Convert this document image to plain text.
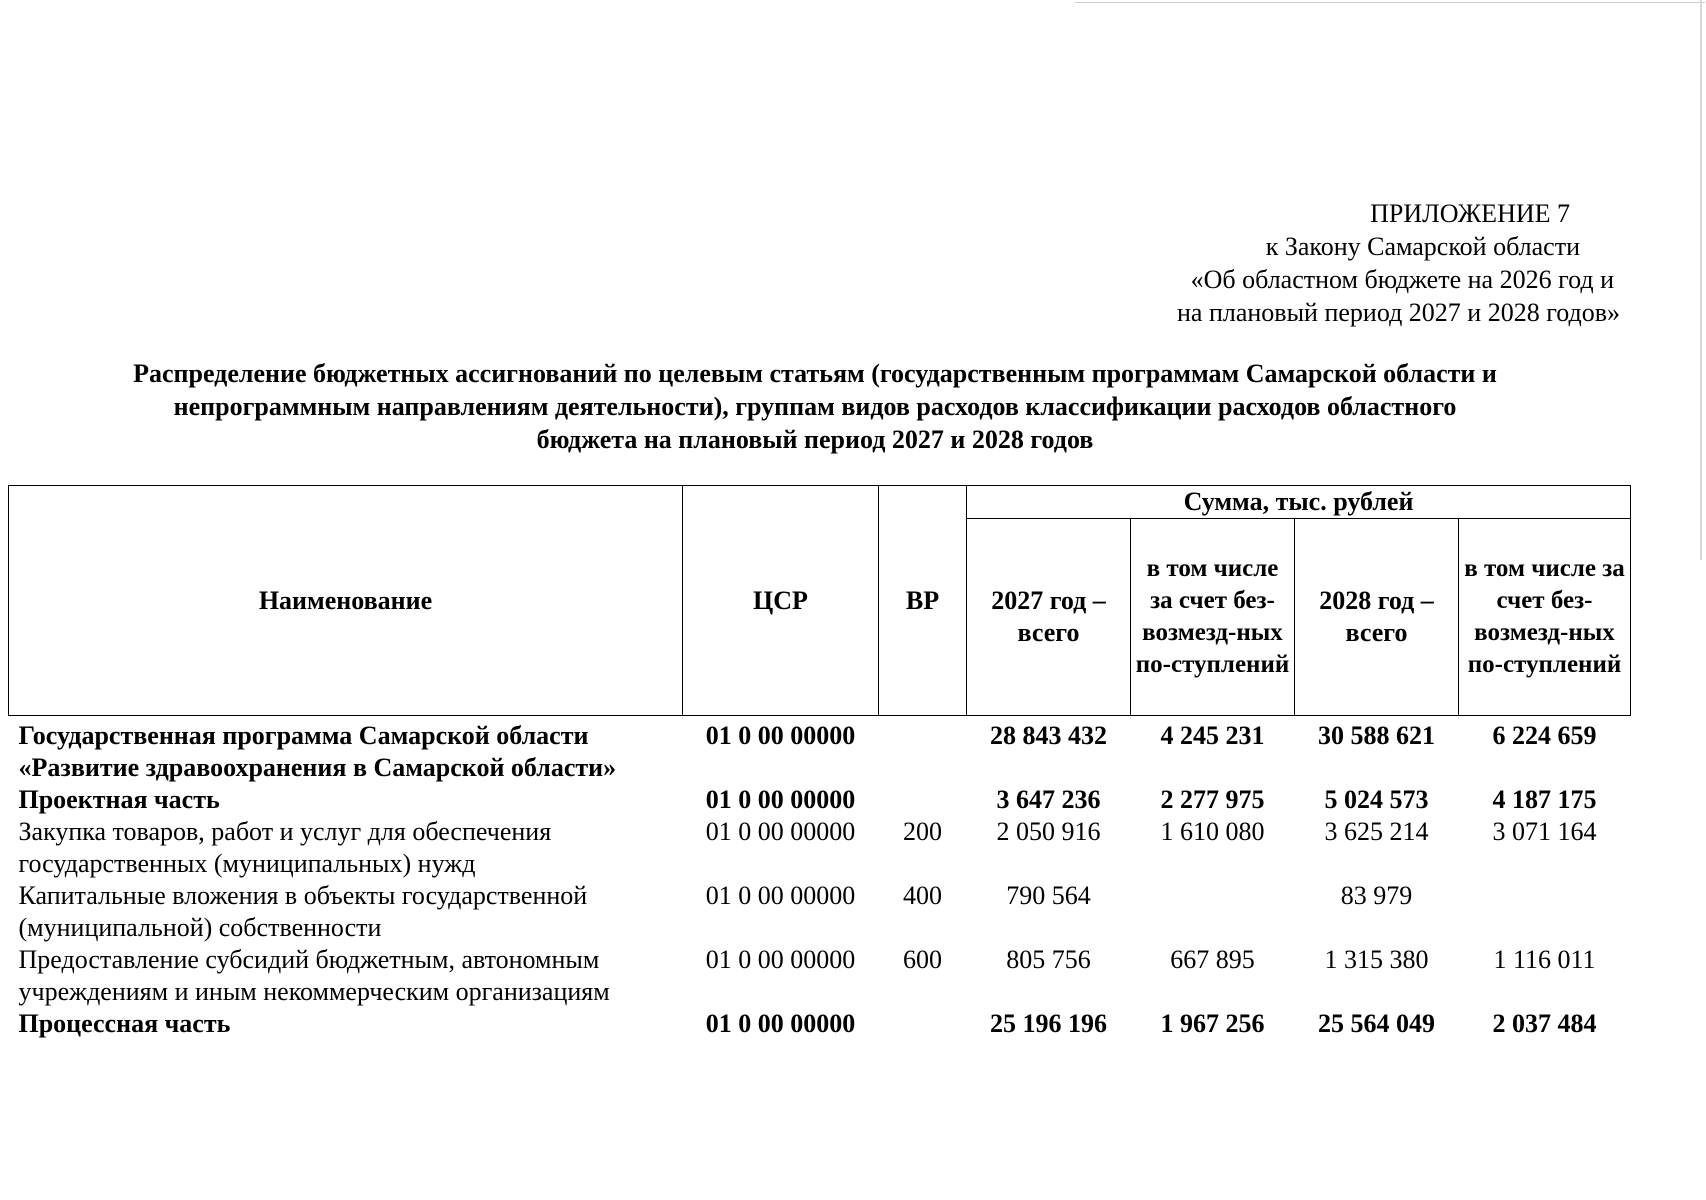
ПРИЛОЖЕНИЕ 7
к Закону Самарской области
«Об областном бюджете на 2026 год и
на плановый период 2027 и 2028 годов»
Распределение бюджетных ассигнований по целевым статьям (государственным программам Самарской области и
непрограммным направлениям деятельности), группам видов расходов классификации расходов областного
бюджета на плановый период 2027 и 2028 годов
Наименование	ЦСР	ВР	Сумма, тыс. рублей			
			2027 год – всего	в том числе за счет без-возмезд-ных по-ступлений	2028 год – всего	в том числе за счет без-возмезд-ных по-ступлений
Государственная программа Самарской области «Развитие здравоохранения в Самарской области»	01 0 00 00000		28 843 432	4 245 231	30 588 621	6 224 659
Проектная часть	01 0 00 00000		3 647 236	2 277 975	5 024 573	4 187 175
Закупка товаров, работ и услуг для обеспечения государственных (муниципальных) нужд	01 0 00 00000	200	2 050 916	1 610 080	3 625 214	3 071 164
Капитальные вложения в объекты государственной (муниципальной) собственности	01 0 00 00000	400	790 564		83 979	
Предоставление субсидий бюджетным, автономным учреждениям и иным некоммерческим организациям	01 0 00 00000	600	805 756	667 895	1 315 380	1 116 011
Процессная часть	01 0 00 00000		25 196 196	1 967 256	25 564 049	2 037 484
